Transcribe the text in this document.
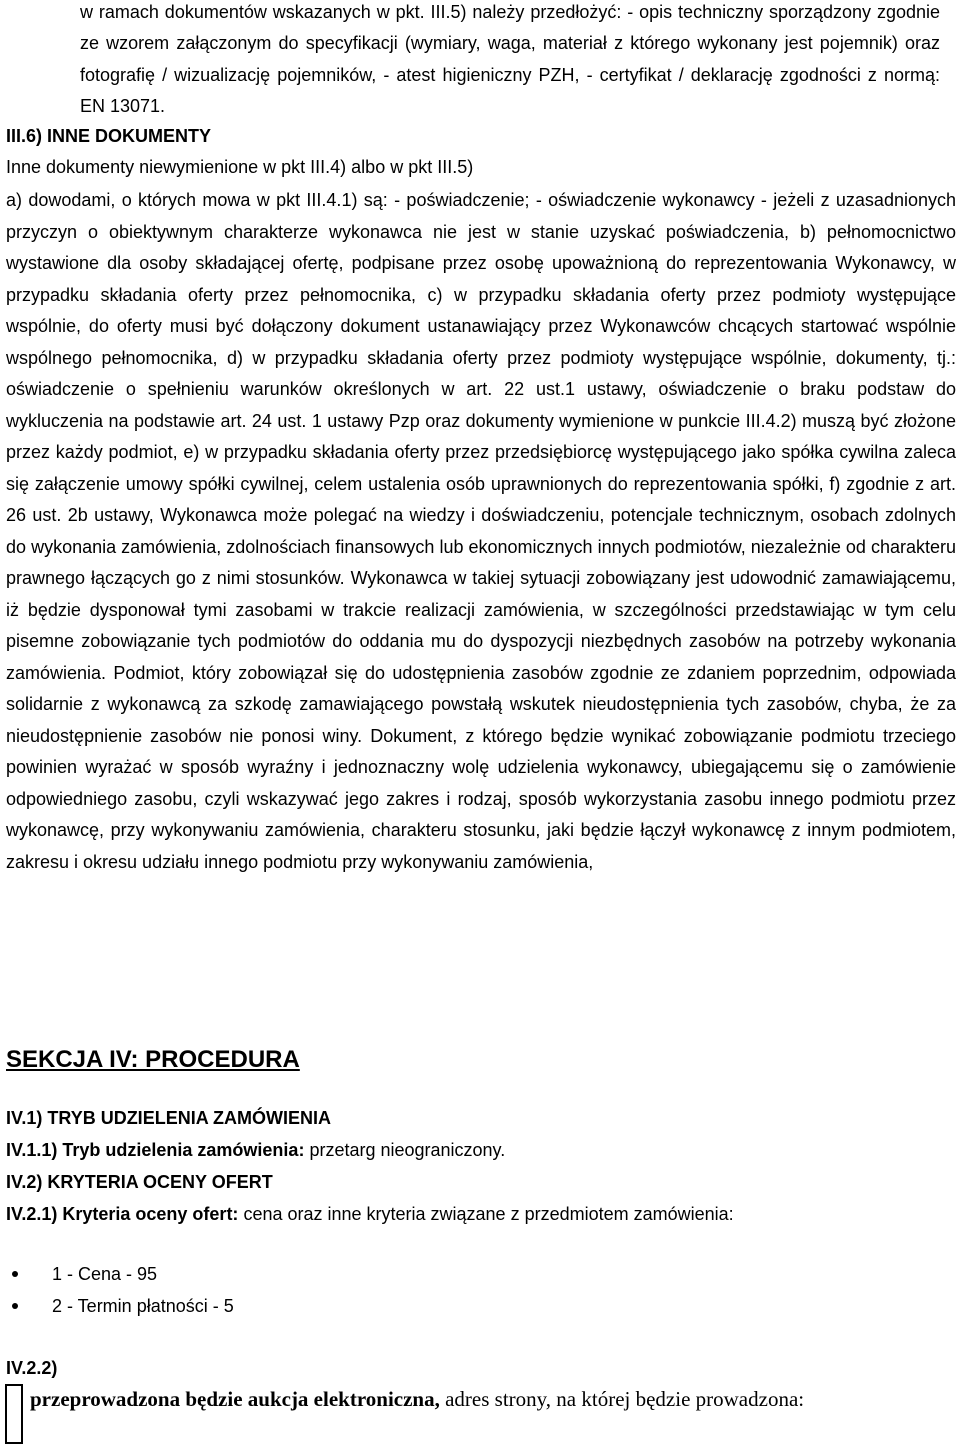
w ramach dokumentów wskazanych w pkt. III.5) należy przedłożyć: - opis techniczny sporządzony zgodnie ze wzorem załączonym do specyfikacji (wymiary, waga, materiał z którego wykonany jest pojemnik) oraz fotografię / wizualizację pojemników, - atest higieniczny PZH, - certyfikat / deklarację zgodności z normą: EN 13071.

III.6) INNE DOKUMENTY

Inne dokumenty niewymienione w pkt III.4) albo w pkt III.5)

a) dowodami, o których mowa w pkt III.4.1) są: - poświadczenie; - oświadczenie wykonawcy - jeżeli z uzasadnionych przyczyn o obiektywnym charakterze wykonawca nie jest w stanie uzyskać poświadczenia, b) pełnomocnictwo wystawione dla osoby składającej ofertę, podpisane przez osobę upoważnioną do reprezentowania Wykonawcy, w przypadku składania oferty przez pełnomocnika, c) w przypadku składania oferty przez podmioty występujące wspólnie, do oferty musi być dołączony dokument ustanawiający przez Wykonawców chcących startować wspólnie wspólnego pełnomocnika, d) w przypadku składania oferty przez podmioty występujące wspólnie, dokumenty, tj.: oświadczenie o spełnieniu warunków określonych w art. 22 ust.1 ustawy, oświadczenie o braku podstaw do wykluczenia na podstawie art. 24 ust. 1 ustawy Pzp oraz dokumenty wymienione w punkcie III.4.2) muszą być złożone przez każdy podmiot, e) w przypadku składania oferty przez przedsiębiorcę występującego jako spółka cywilna zaleca się załączenie umowy spółki cywilnej, celem ustalenia osób uprawnionych do reprezentowania spółki, f) zgodnie z art. 26 ust. 2b ustawy, Wykonawca może polegać na wiedzy i doświadczeniu, potencjale technicznym, osobach zdolnych do wykonania zamówienia, zdolnościach finansowych lub ekonomicznych innych podmiotów, niezależnie od charakteru prawnego łączących go z nimi stosunków. Wykonawca w takiej sytuacji zobowiązany jest udowodnić zamawiającemu, iż będzie dysponował tymi zasobami w trakcie realizacji zamówienia, w szczególności przedstawiając w tym celu pisemne zobowiązanie tych podmiotów do oddania mu do dyspozycji niezbędnych zasobów na potrzeby wykonania zamówienia. Podmiot, który zobowiązał się do udostępnienia zasobów zgodnie ze zdaniem poprzednim, odpowiada solidarnie z wykonawcą za szkodę zamawiającego powstałą wskutek nieudostępnienia tych zasobów, chyba, że za nieudostępnienie zasobów nie ponosi winy. Dokument, z którego będzie wynikać zobowiązanie podmiotu trzeciego powinien wyrażać w sposób wyraźny i jednoznaczny wolę udzielenia wykonawcy, ubiegającemu się o zamówienie odpowiedniego zasobu, czyli wskazywać jego zakres i rodzaj, sposób wykorzystania zasobu innego podmiotu przez wykonawcę, przy wykonywaniu zamówienia, charakteru stosunku, jaki będzie łączył wykonawcę z innym podmiotem, zakresu i okresu udziału innego podmiotu przy wykonywaniu zamówienia,

SEKCJA IV: PROCEDURA

IV.1) TRYB UDZIELENIA ZAMÓWIENIA

IV.1.1) Tryb udzielenia zamówienia: przetarg nieograniczony.

IV.2) KRYTERIA OCENY OFERT

IV.2.1) Kryteria oceny ofert: cena oraz inne kryteria związane z przedmiotem zamówienia:

1 - Cena - 95
2 - Termin płatności - 5

IV.2.2)

przeprowadzona będzie aukcja elektroniczna, adres strony, na której będzie prowadzona:
